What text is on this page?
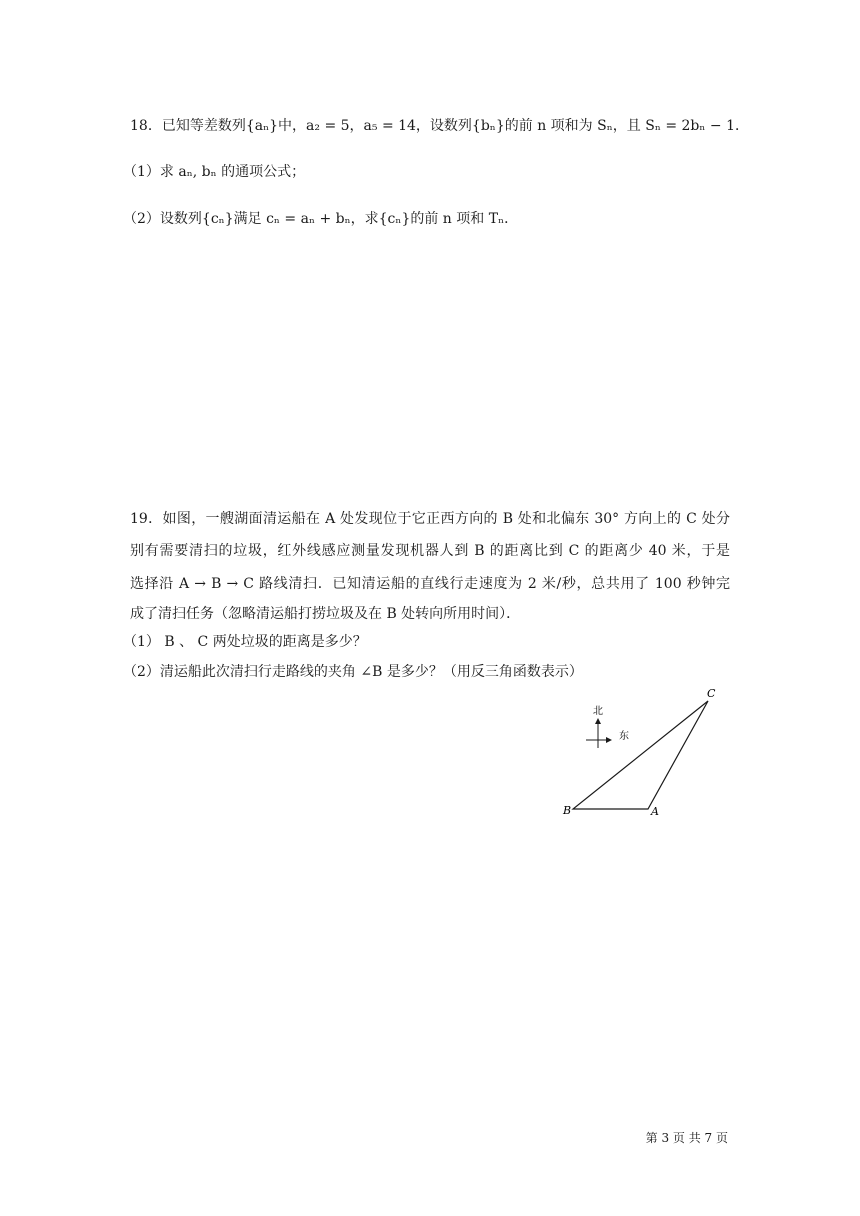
18．已知等差数列{aₙ}中，a₂ = 5，a₅ = 14，设数列{bₙ}的前 n 项和为 Sₙ，且 Sₙ = 2bₙ − 1．
（1）求 aₙ, bₙ 的通项公式；
（2）设数列{cₙ}满足 cₙ = aₙ + bₙ，求{cₙ}的前 n 项和 Tₙ．
19．如图，一艘湖面清运船在 A 处发现位于它正西方向的 B 处和北偏东 30° 方向上的 C 处分
别有需要清扫的垃圾，红外线感应测量发现机器人到 B 的距离比到 C 的距离少 40 米，于是
选择沿 A → B → C 路线清扫．已知清运船的直线行走速度为 2 米/秒，总共用了 100 秒钟完
成了清扫任务（忽略清运船打捞垃圾及在 B 处转向所用时间）．
（1） B 、 C 两处垃圾的距离是多少？
（2）清运船此次清扫行走路线的夹角 ∠B 是多少？（用反三角函数表示）
北
东
B	A
C
第 3 页 共 7 页
